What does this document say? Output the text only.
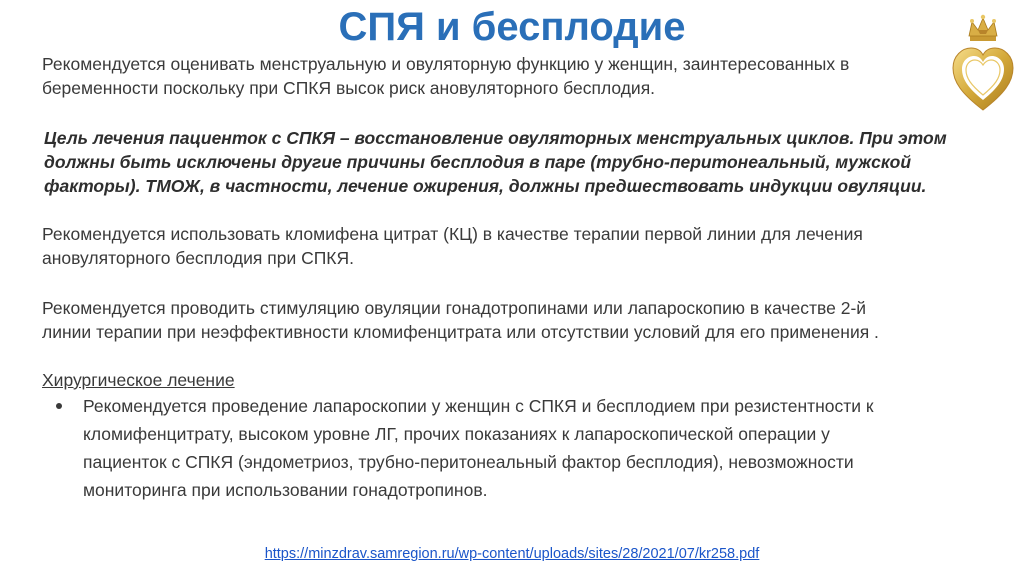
СПЯ и бесплодие
Рекомендуется оценивать менструальную и овуляторную функцию у женщин, заинтересованных в
беременности поскольку при СПКЯ высок риск ановуляторного бесплодия.
Цель лечения пациенток с СПКЯ – восстановление овуляторных менструальных циклов. При этом
должны быть исключены другие причины бесплодия в паре (трубно-перитонеальный, мужской
факторы). ТМОЖ, в частности, лечение ожирения, должны предшествовать индукции овуляции.
Рекомендуется использовать кломифена цитрат (КЦ) в качестве терапии первой линии для лечения
ановуляторного бесплодия при СПКЯ.
Рекомендуется проводить стимуляцию овуляции гонадотропинами или лапароскопию в качестве 2-й
линии терапии при неэффективности кломифенцитрата или отсутствии условий для его применения .
Хирургическое лечение
Рекомендуется проведение лапароскопии у женщин с СПКЯ и бесплодием при резистентности к
кломифенцитрату, высоком уровне ЛГ, прочих показаниях к лапароскопической операции у
пациенток с СПКЯ (эндометриоз, трубно-перитонеальный фактор бесплодия), невозможности
мониторинга при использовании гонадотропинов.
https://minzdrav.samregion.ru/wp-content/uploads/sites/28/2021/07/kr258.pdf
